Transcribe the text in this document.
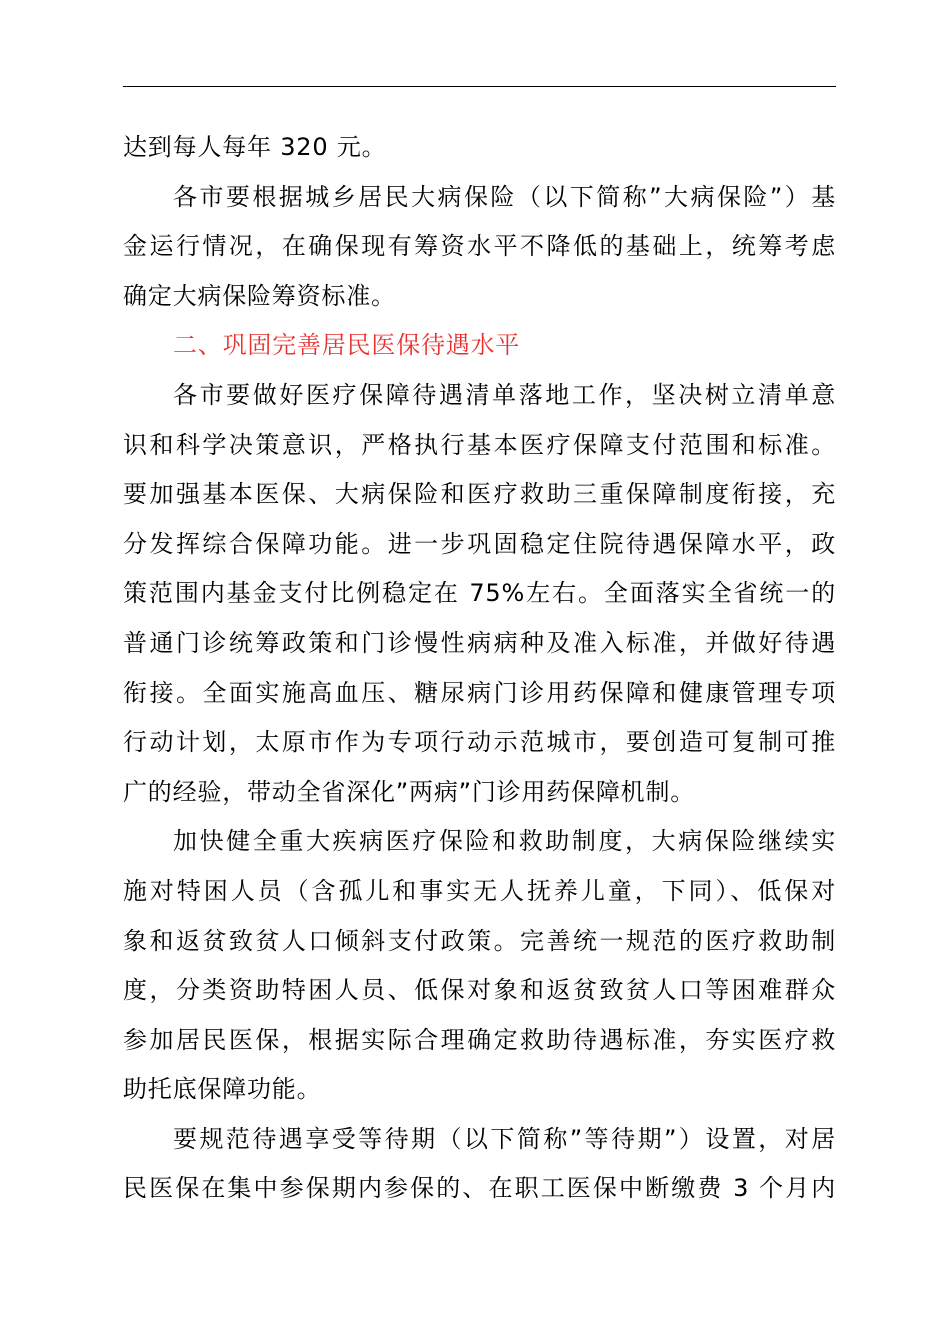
达到每人每年 320 元。

各市要根据城乡居民大病保险（以下简称”大病保险”）基
金运行情况，在确保现有筹资水平不降低的基础上，统筹考虑
确定大病保险筹资标准。

二、巩固完善居民医保待遇水平

各市要做好医疗保障待遇清单落地工作，坚决树立清单意
识和科学决策意识，严格执行基本医疗保障支付范围和标准。
要加强基本医保、大病保险和医疗救助三重保障制度衔接，充
分发挥综合保障功能。进一步巩固稳定住院待遇保障水平，政
策范围内基金支付比例稳定在 75%左右。全面落实全省统一的
普通门诊统筹政策和门诊慢性病病种及准入标准，并做好待遇
衔接。全面实施高血压、糖尿病门诊用药保障和健康管理专项
行动计划，太原市作为专项行动示范城市，要创造可复制可推
广的经验，带动全省深化”两病”门诊用药保障机制。

加快健全重大疾病医疗保险和救助制度，大病保险继续实
施对特困人员（含孤儿和事实无人抚养儿童，下同）、低保对
象和返贫致贫人口倾斜支付政策。完善统一规范的医疗救助制
度，分类资助特困人员、低保对象和返贫致贫人口等困难群众
参加居民医保，根据实际合理确定救助待遇标准，夯实医疗救
助托底保障功能。

要规范待遇享受等待期（以下简称”等待期”）设置，对居
民医保在集中参保期内参保的、在职工医保中断缴费 3 个月内
